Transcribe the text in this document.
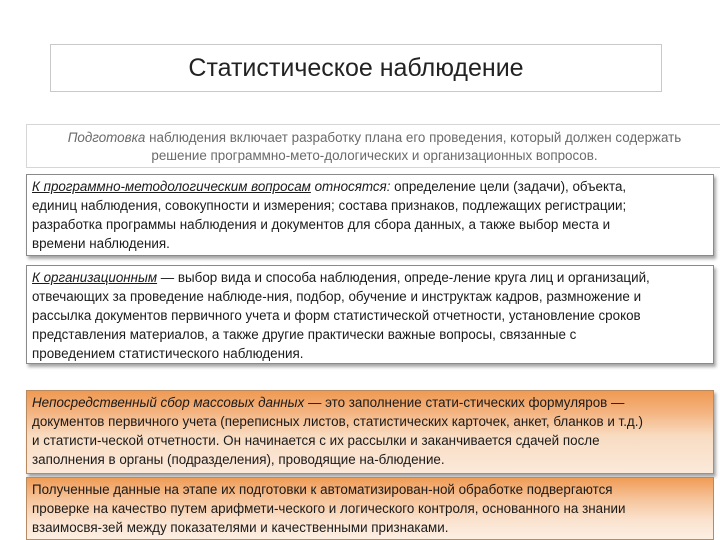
Статистическое наблюдение
Подготовка наблюдения включает разработку плана его проведения, который должен содержать
решение программно-мето-дологических и организационных вопросов.
К программно-методологическим вопросам относятся: определение цели (задачи), объекта,
единиц наблюдения, совокупности и измерения; состава признаков, подлежащих регистрации;
разработка программы наблюдения и документов для сбора данных, а также выбор места и
времени наблюдения.
К организационным — выбор вида и способа наблюдения, опреде-ление круга лиц и организаций,
отвечающих за проведение наблюде-ния, подбор, обучение и инструктаж кадров, размножение и
рассылка документов первичного учета и форм статистической отчетности, установление сроков
представления материалов, а также другие практически важные вопросы, связанные с
проведением статистического наблюдения.
Непосредственный сбор массовых данных — это заполнение стати-стических формуляров —
документов первичного учета (переписных листов, статистических карточек, анкет, бланков и т.д.)
и статисти-ческой отчетности. Он начинается с их рассылки и заканчивается сдачей после
заполнения в органы (подразделения), проводящие на-блюдение.
Полученные данные на этапе их подготовки к автоматизирован-ной обработке подвергаются
проверке на качество путем арифмети-ческого и логического контроля, основанного на знании
взаимосвя-зей между показателями и качественными признаками.
